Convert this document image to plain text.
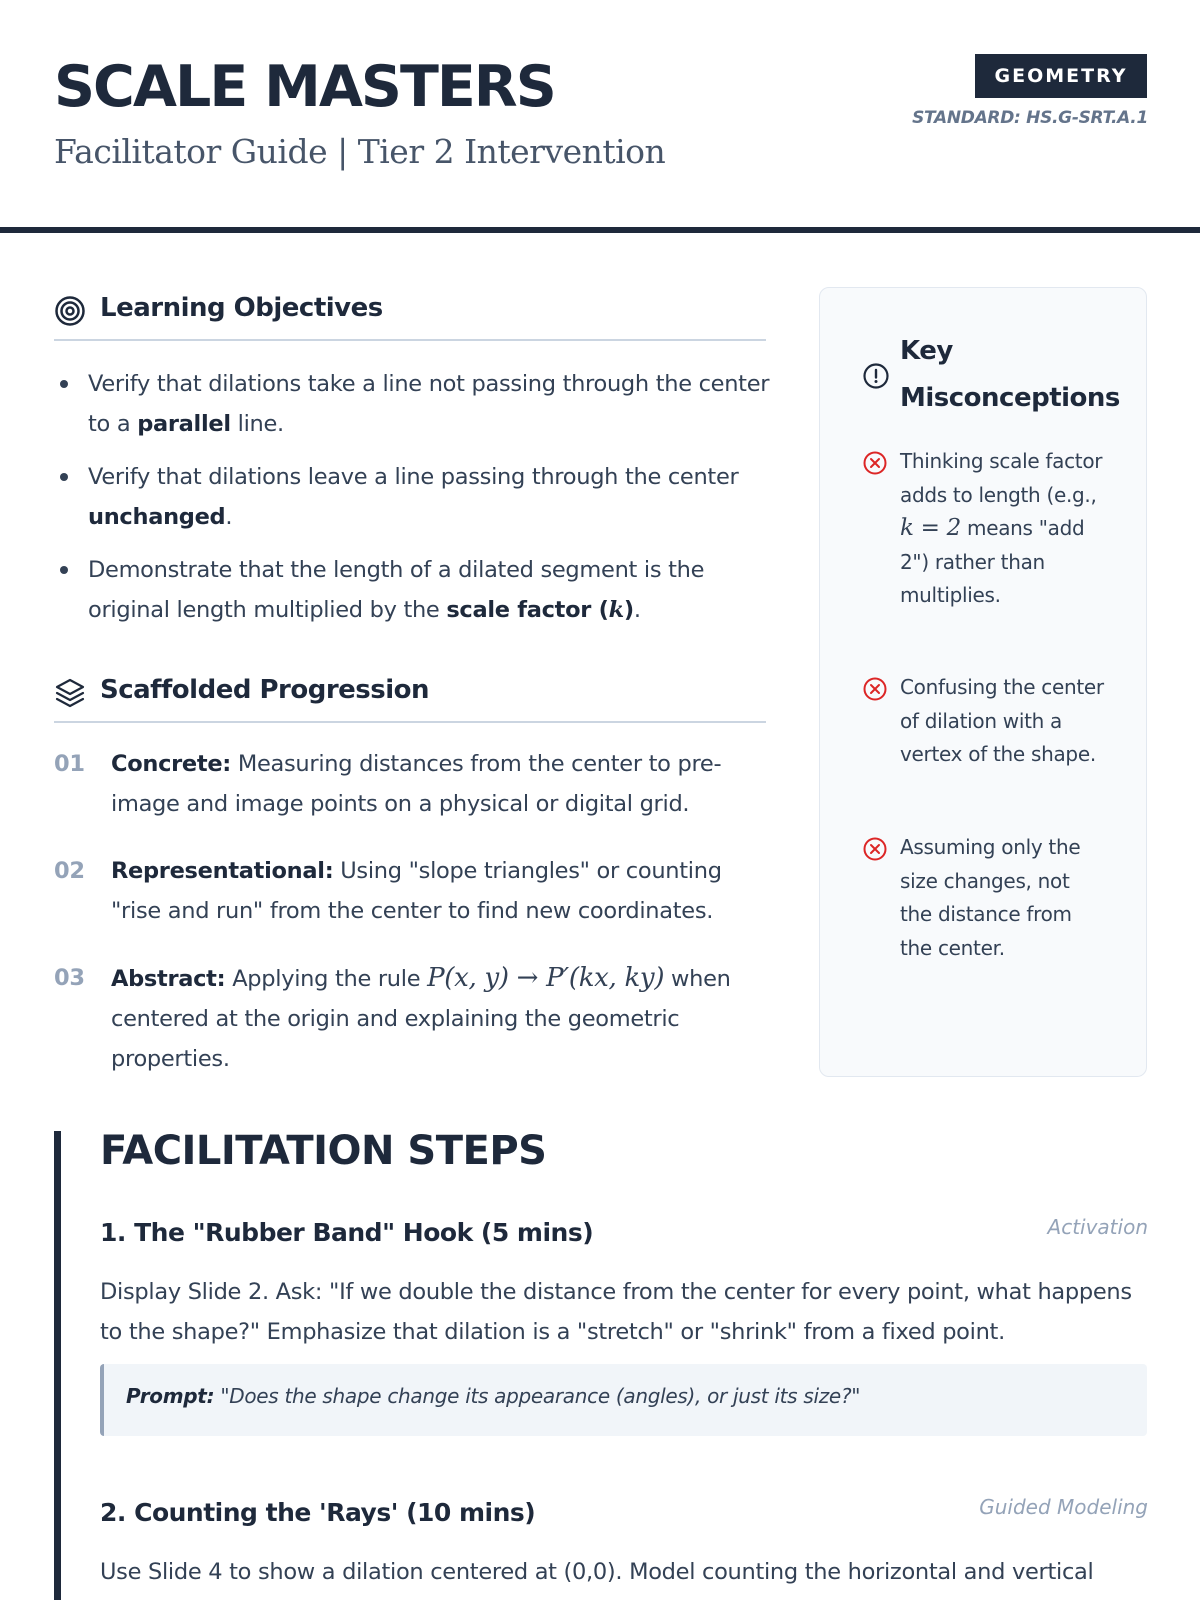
SCALE MASTERS
Facilitator Guide | Tier 2 Intervention
GEOMETRY
STANDARD: HS.G-SRT.A.1
Learning Objectives
Verify that dilations take a line not passing through the center to a parallel line.
Verify that dilations leave a line passing through the center unchanged.
Demonstrate that the length of a dilated segment is the original length multiplied by the scale factor (k).
Scaffolded Progression
01 Concrete: Measuring distances from the center to pre-image and image points on a physical or digital grid.
02 Representational: Using "slope triangles" or counting "rise and run" from the center to find new coordinates.
03 Abstract: Applying the rule P(x, y) → P′(kx, ky) when centered at the origin and explaining the geometric properties.
Key Misconceptions
Thinking scale factor adds to length (e.g., k = 2 means "add 2") rather than multiplies.
Confusing the center of dilation with a vertex of the shape.
Assuming only the size changes, not the distance from the center.
FACILITATION STEPS
1. The "Rubber Band" Hook (5 mins)	Activation
Display Slide 2. Ask: "If we double the distance from the center for every point, what happens to the shape?" Emphasize that dilation is a "stretch" or "shrink" from a fixed point.
Prompt: "Does the shape change its appearance (angles), or just its size?"
2. Counting the 'Rays' (10 mins)	Guided Modeling
Use Slide 4 to show a dilation centered at (0,0). Model counting the horizontal and vertical
